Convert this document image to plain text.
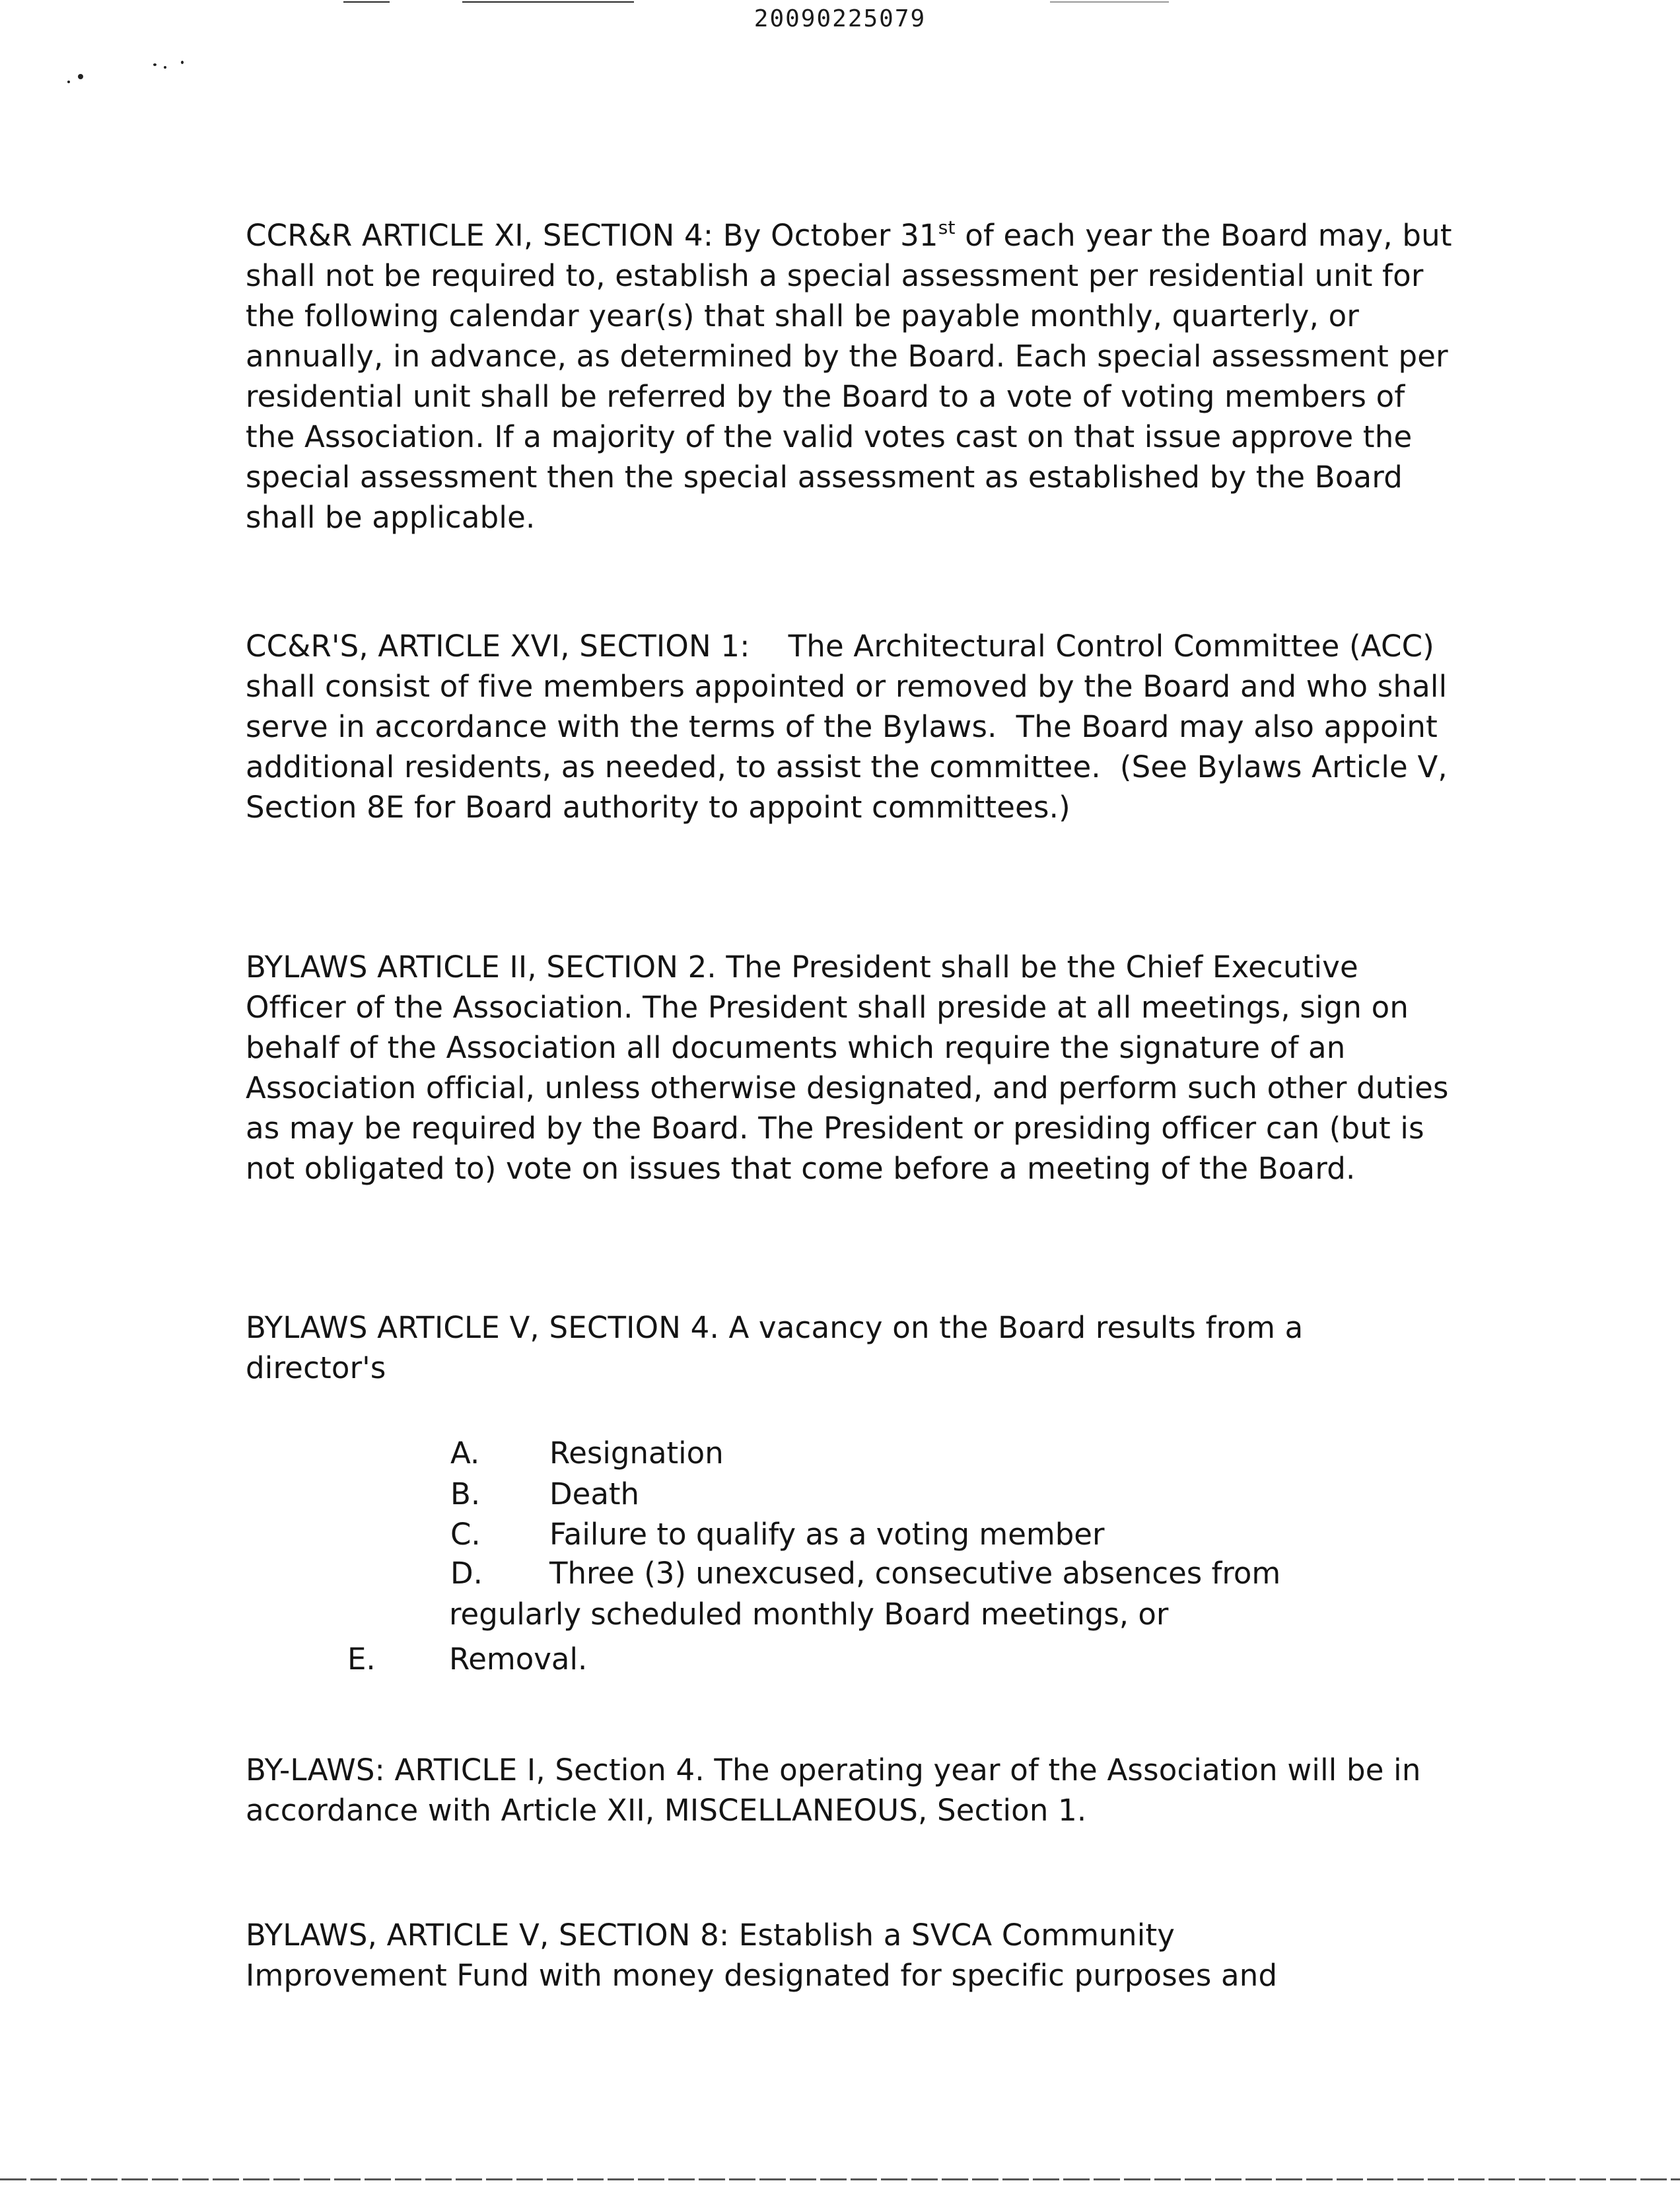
20090225079

CCR&R ARTICLE XI, SECTION 4: By October 31st of each year the Board may, but shall not be required to, establish a special assessment per residential unit for the following calendar year(s) that shall be payable monthly, quarterly, or annually, in advance, as determined by the Board. Each special assessment per residential unit shall be referred by the Board to a vote of voting members of the Association. If a majority of the valid votes cast on that issue approve the special assessment then the special assessment as established by the Board shall be applicable.

CC&R'S, ARTICLE XVI, SECTION 1:    The Architectural Control Committee (ACC) shall consist of five members appointed or removed by the Board and who shall serve in accordance with the terms of the Bylaws.  The Board may also appoint additional residents, as needed, to assist the committee.  (See Bylaws Article V, Section 8E for Board authority to appoint committees.)

BYLAWS ARTICLE II, SECTION 2. The President shall be the Chief Executive Officer of the Association. The President shall preside at all meetings, sign on behalf of the Association all documents which require the signature of an Association official, unless otherwise designated, and perform such other duties as may be required by the Board. The President or presiding officer can (but is not obligated to) vote on issues that come before a meeting of the Board.

BYLAWS ARTICLE V, SECTION 4. A vacancy on the Board results from a director's

A. Resignation
B. Death
C. Failure to qualify as a voting member
D. Three (3) unexcused, consecutive absences from
regularly scheduled monthly Board meetings, or
E. Removal.

BY-LAWS: ARTICLE I, Section 4. The operating year of the Association will be in accordance with Article XII, MISCELLANEOUS, Section 1.

BYLAWS, ARTICLE V, SECTION 8: Establish a SVCA Community Improvement Fund with money designated for specific purposes and
